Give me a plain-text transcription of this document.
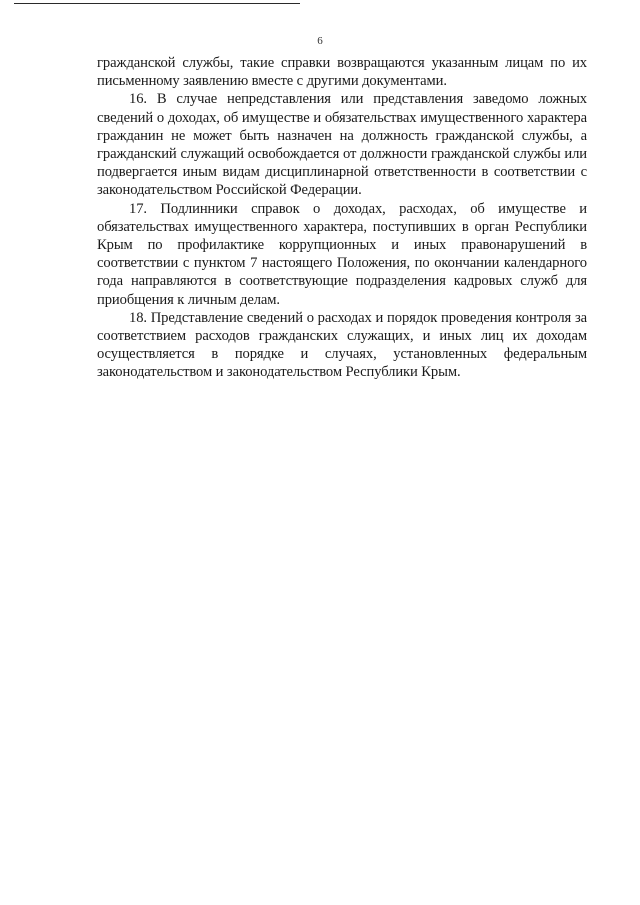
6

гражданской службы, такие справки возвращаются указанным лицам по их письменному заявлению вместе с другими документами.

16. В случае непредставления или представления заведомо ложных сведений о доходах, об имуществе и обязательствах имущественного характера гражданин не может быть назначен на должность гражданской службы, а гражданский служащий освобождается от должности гражданской службы или подвергается иным видам дисциплинарной ответственности в соответствии с законодательством Российской Федерации.

17. Подлинники справок о доходах, расходах, об имуществе и обязательствах имущественного характера, поступивших в орган Республики Крым по профилактике коррупционных и иных правонарушений в соответствии с пунктом 7 настоящего Положения, по окончании календарного года направляются в соответствующие подразделения кадровых служб для приобщения к личным делам.

18. Представление сведений о расходах и порядок проведения контроля за соответствием расходов гражданских служащих, и иных лиц их доходам осуществляется в порядке и случаях, установленных федеральным законодательством и законодательством Республики Крым.
